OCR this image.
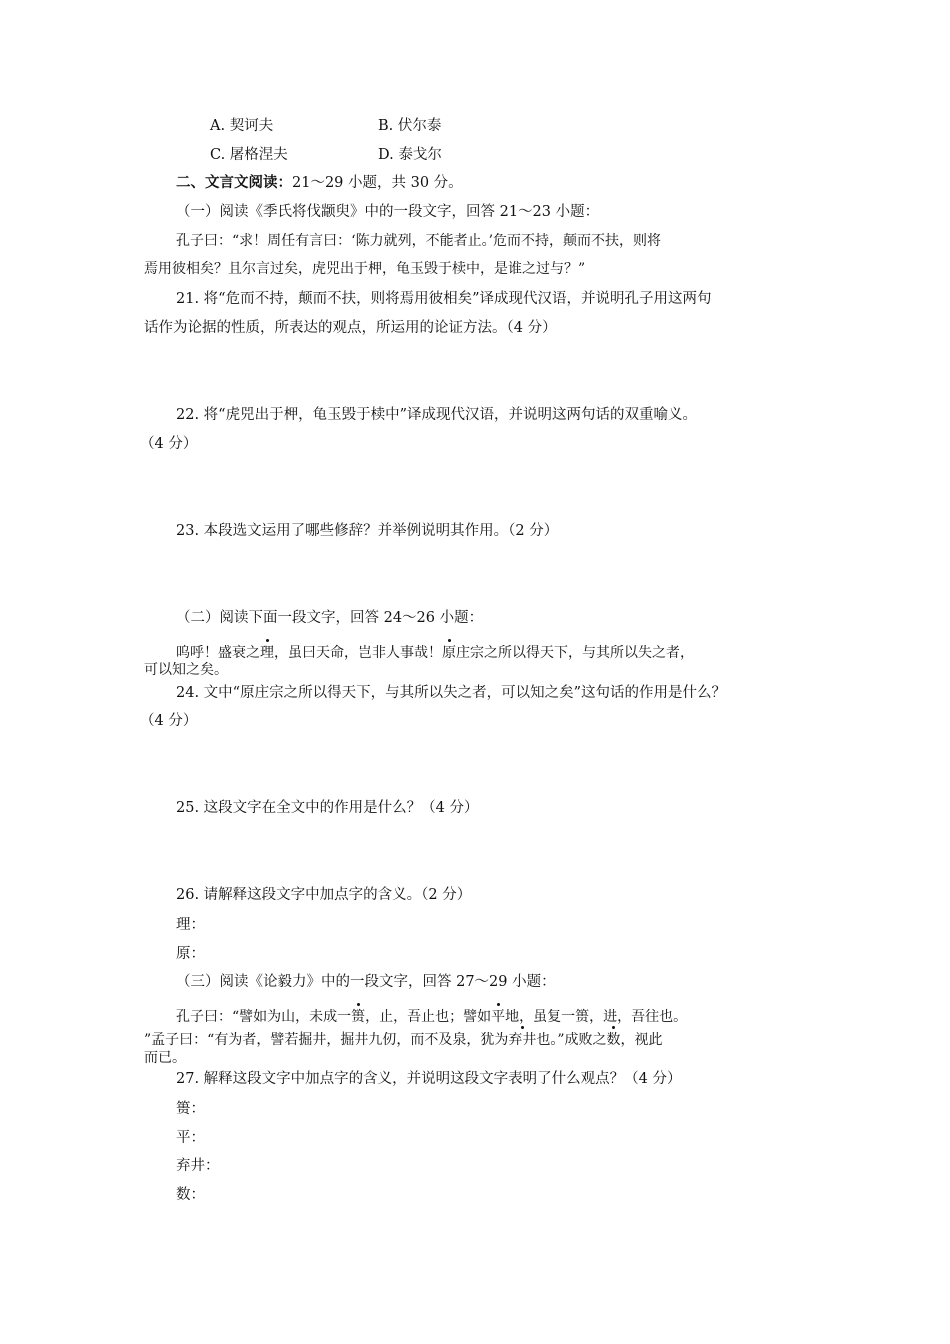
A. 契诃夫	B. 伏尔泰
C. 屠格涅夫	D. 泰戈尔
二、文言文阅读：21～29 小题，共 30 分。
（一）阅读《季氏将伐颛臾》中的一段文字，回答 21～23 小题：
孔子曰：“求！周任有言曰：‘陈力就列，不能者止。’危而不持，颠而不扶，则将
焉用彼相矣？且尔言过矣，虎兕出于柙，龟玉毁于椟中，是谁之过与？”
21. 将“危而不持，颠而不扶，则将焉用彼相矣”译成现代汉语，并说明孔子用这两句
话作为论据的性质，所表达的观点，所运用的论证方法。（4 分）
22. 将“虎兕出于柙，龟玉毁于椟中”译成现代汉语，并说明这两句话的双重喻义。
（4 分）
23. 本段选文运用了哪些修辞？并举例说明其作用。（2 分）
（二）阅读下面一段文字，回答 24～26 小题：
呜呼！盛衰之理，虽曰天命，岂非人事哉！原庄宗之所以得天下，与其所以失之者，
可以知之矣。
24. 文中“原庄宗之所以得天下，与其所以失之者，可以知之矣”这句话的作用是什么？
（4 分）
25. 这段文字在全文中的作用是什么？（4 分）
26. 请解释这段文字中加点字的含义。（2 分）
理：
原：
（三）阅读《论毅力》中的一段文字，回答 27～29 小题：
孔子曰：“譬如为山，未成一篑，止，吾止也；譬如平地，虽复一篑，进，吾往也。
”孟子曰：“有为者，譬若掘井，掘井九仞，而不及泉，犹为弃井也。”成败之数，视此
而已。
27. 解释这段文字中加点字的含义，并说明这段文字表明了什么观点？（4 分）
篑：
平：
弃井：
数：
